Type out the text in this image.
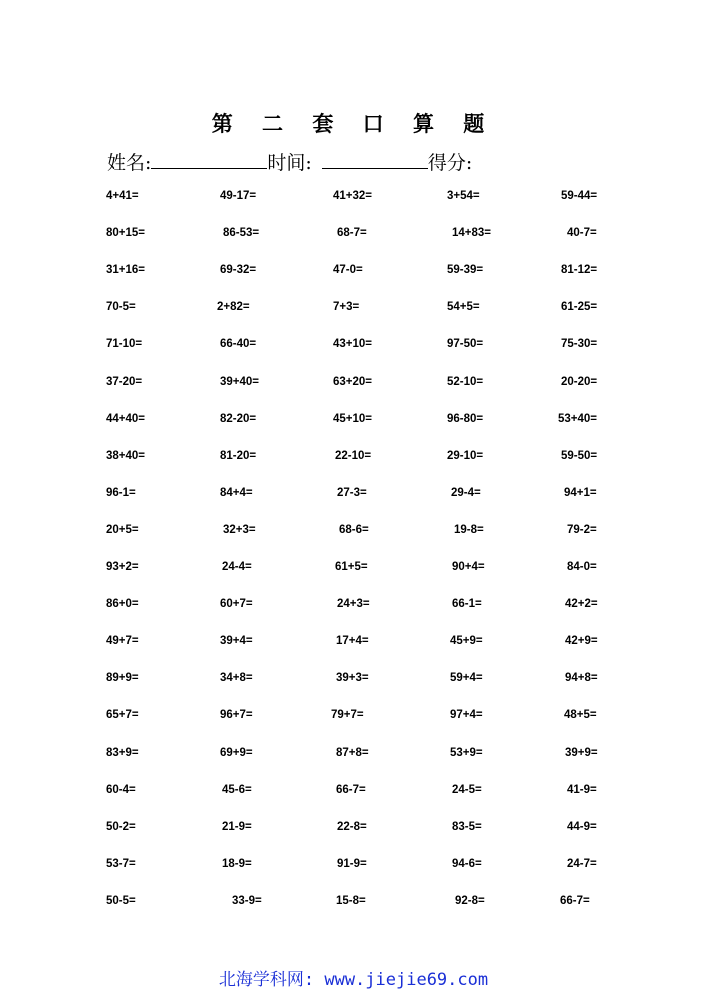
第 二 套 口 算 题
姓名:	时间:	得分:
4+41=	49-17=	41+32=	3+54=	59-44=
80+15=	86-53=	68-7=	14+83=	40-7=
31+16=	69-32=	47-0=	59-39=	81-12=
70-5=	2+82=	7+3=	54+5=	61-25=
71-10=	66-40=	43+10=	97-50=	75-30=
37-20=	39+40=	63+20=	52-10=	20-20=
44+40=	82-20=	45+10=	96-80=	53+40=
38+40=	81-20=	22-10=	29-10=	59-50=
96-1=	84+4=	27-3=	29-4=	94+1=
20+5=	32+3=	68-6=	19-8=	79-2=
93+2=	24-4=	61+5=	90+4=	84-0=
86+0=	60+7=	24+3=	66-1=	42+2=
49+7=	39+4=	17+4=	45+9=	42+9=
89+9=	34+8=	39+3=	59+4=	94+8=
65+7=	96+7=	79+7=	97+4=	48+5=
83+9=	69+9=	87+8=	53+9=	39+9=
60-4=	45-6=	66-7=	24-5=	41-9=
50-2=	21-9=	22-8=	83-5=	44-9=
53-7=	18-9=	91-9=	94-6=	24-7=
50-5=	33-9=	15-8=	92-8=	66-7=
北海学科网: www.jiejie69.com
